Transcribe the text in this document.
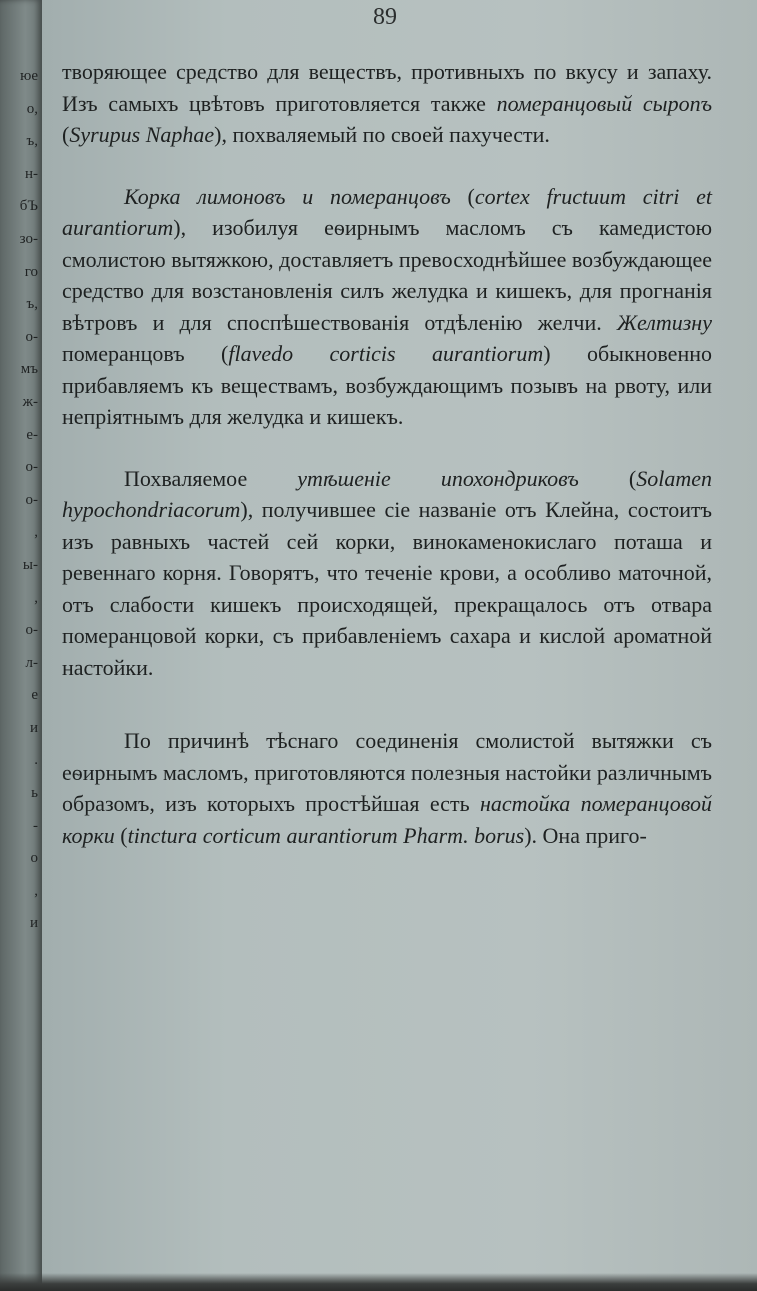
юе
о,
ъ,
н-
бЪ
зо-
го
ъ,
о-
мъ
ж-
е-
о-
о-
,
ы-
,
о-
л-
е
и
.
ь
-
о
,
и
89

творяющее средство для веществъ, противныхъ по вкусу и запаху. Изъ самыхъ цвѣтовъ приготовляется также померанцовый сыропъ (Syrupus Naphae), похваляемый по своей пахучести.

Корка лимоновъ и померанцовъ (cortex fructuum citri et aurantiorum), изобилуя еѳирнымъ масломъ съ камедистою смолистою вытяжкою, доставляетъ превосходнѣйшее возбуждающее средство для возстановленія силъ желудка и кишекъ, для прогнанія вѣтровъ и для споспѣшествованія отдѣленію желчи. Желтизну померанцовъ (flavedo corticis aurantiorum) обыкновенно прибавляемъ къ веществамъ, возбуждающимъ позывъ на рвоту, или непріятнымъ для желудка и кишекъ.

Похваляемое утѣшеніе ипохондриковъ (Solamen hypochondriacorum), получившее сіе названіе отъ Клейна, состоитъ изъ равныхъ частей сей корки, винокаменокислаго поташа и ревеннаго корня. Говорятъ, что теченіе крови, а особливо маточной, отъ слабости кишекъ происходящей, прекращалось отъ отвара померанцовой корки, съ прибавленіемъ сахара и кислой ароматной настойки.

По причинѣ тѣснаго соединенія смолистой вытяжки съ еѳирнымъ масломъ, приготовляются полезныя настойки различнымъ образомъ, изъ которыхъ простѣйшая есть настойка померанцовой корки (tinctura corticum aurantiorum Pharm. borus). Она приго-
